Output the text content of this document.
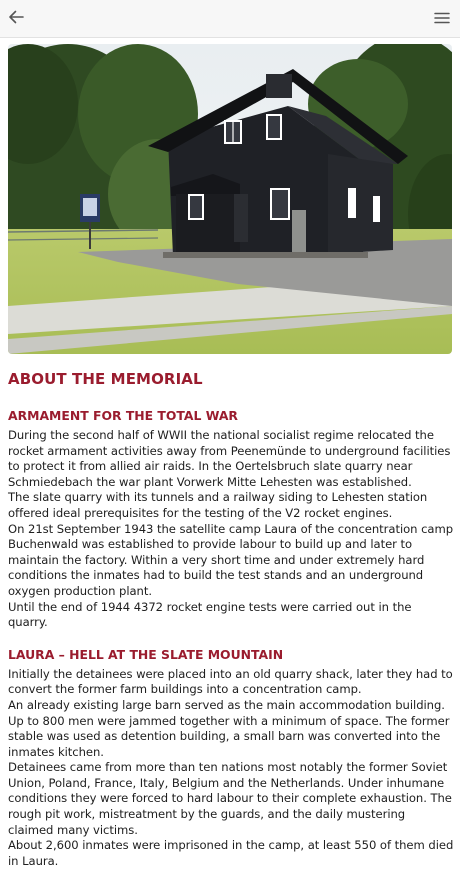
ABOUT THE MEMORIAL
ARMAMENT FOR THE TOTAL WAR

During the second half of WWII the national socialist regime relocated the rocket armament activities away from Peenemünde to underground facilities to protect it from allied air raids. In the Oertelsbruch slate quarry near Schmiedebach the war plant Vorwerk Mitte Lehesten was established.

The slate quarry with its tunnels and a railway siding to Lehesten station offered ideal prerequisites for the testing of the V2 rocket engines.

On 21st September 1943 the satellite camp Laura of the concentration camp Buchenwald was established to provide labour to build up and later to maintain the factory. Within a very short time and under extremely hard conditions the inmates had to build the test stands and an underground oxygen production plant.

Until the end of 1944 4372 rocket engine tests were carried out in the quarry.

LAURA – HELL AT THE SLATE MOUNTAIN

Initially the detainees were placed into an old quarry shack, later they had to convert the former farm buildings into a concentration camp.

An already existing large barn served as the main accommodation building. Up to 800 men were jammed together with a minimum of space. The former stable was used as detention building, a small barn was converted into the inmates kitchen.

Detainees came from more than ten nations most notably the former Soviet Union, Poland, France, Italy, Belgium and the Netherlands. Under inhumane conditions they were forced to hard labour to their complete exhaustion. The rough pit work, mistreatment by the guards, and the daily mustering claimed many victims.

About 2,600 inmates were imprisoned in the camp, at least 550 of them died in Laura.
